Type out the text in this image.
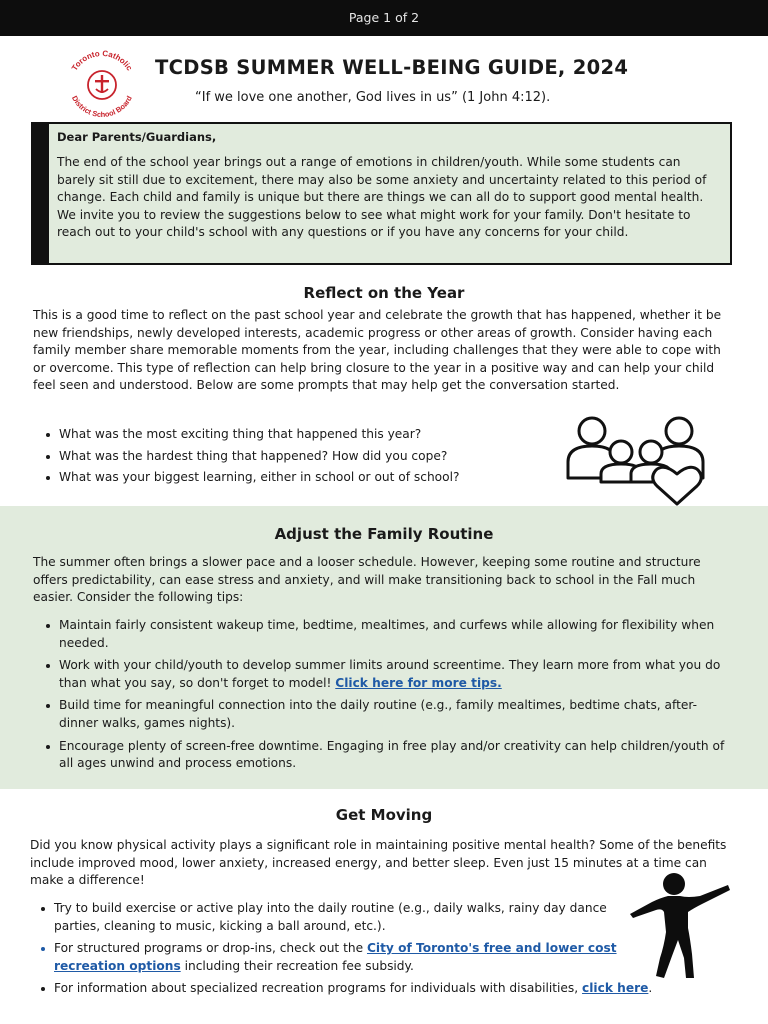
Page 1 of 2
Toronto Catholic
District School Board
TCDSB SUMMER WELL-BEING GUIDE, 2024
“If we love one another, God lives in us” (1 John 4:12).
Dear Parents/Guardians,

The end of the school year brings out a range of emotions in children/youth. While some students can barely sit still due to excitement, there may also be some anxiety and uncertainty related to this period of change. Each child and family is unique but there are things we can all do to support good mental health. We invite you to review the suggestions below to see what might work for your family. Don't hesitate to reach out to your child's school with any questions or if you have any concerns for your child.

Reflect on the Year

This is a good time to reflect on the past school year and celebrate the growth that has happened, whether it be new friendships, newly developed interests, academic progress or other areas of growth. Consider having each family member share memorable moments from the year, including challenges that they were able to cope with or overcome. This type of reflection can help bring closure to the year in a positive way and can help your child feel seen and understood. Below are some prompts that may help get the conversation started.

What was the most exciting thing that happened this year?
What was the hardest thing that happened? How did you cope?
What was your biggest learning, either in school or out of school?
Adjust the Family Routine

The summer often brings a slower pace and a looser schedule. However, keeping some routine and structure offers predictability, can ease stress and anxiety, and will make transitioning back to school in the Fall much easier. Consider the following tips:

Maintain fairly consistent wakeup time, bedtime, mealtimes, and curfews while allowing for flexibility when needed.
Work with your child/youth to develop summer limits around screentime. They learn more from what you do than what you say, so don't forget to model! Click here for more tips.
Build time for meaningful connection into the daily routine (e.g., family mealtimes, bedtime chats, after-dinner walks, games nights).
Encourage plenty of screen-free downtime. Engaging in free play and/or creativity can help children/youth of all ages unwind and process emotions.
Get Moving

Did you know physical activity plays a significant role in maintaining positive mental health? Some of the benefits include improved mood, lower anxiety, increased energy, and better sleep. Even just 15 minutes at a time can make a difference!

Try to build exercise or active play into the daily routine (e.g., daily walks, rainy day dance parties, cleaning to music, kicking a ball around, etc.).
For structured programs or drop-ins, check out the City of Toronto's free and lower cost recreation options including their recreation fee subsidy.
For information about specialized recreation programs for individuals with disabilities, click here.
